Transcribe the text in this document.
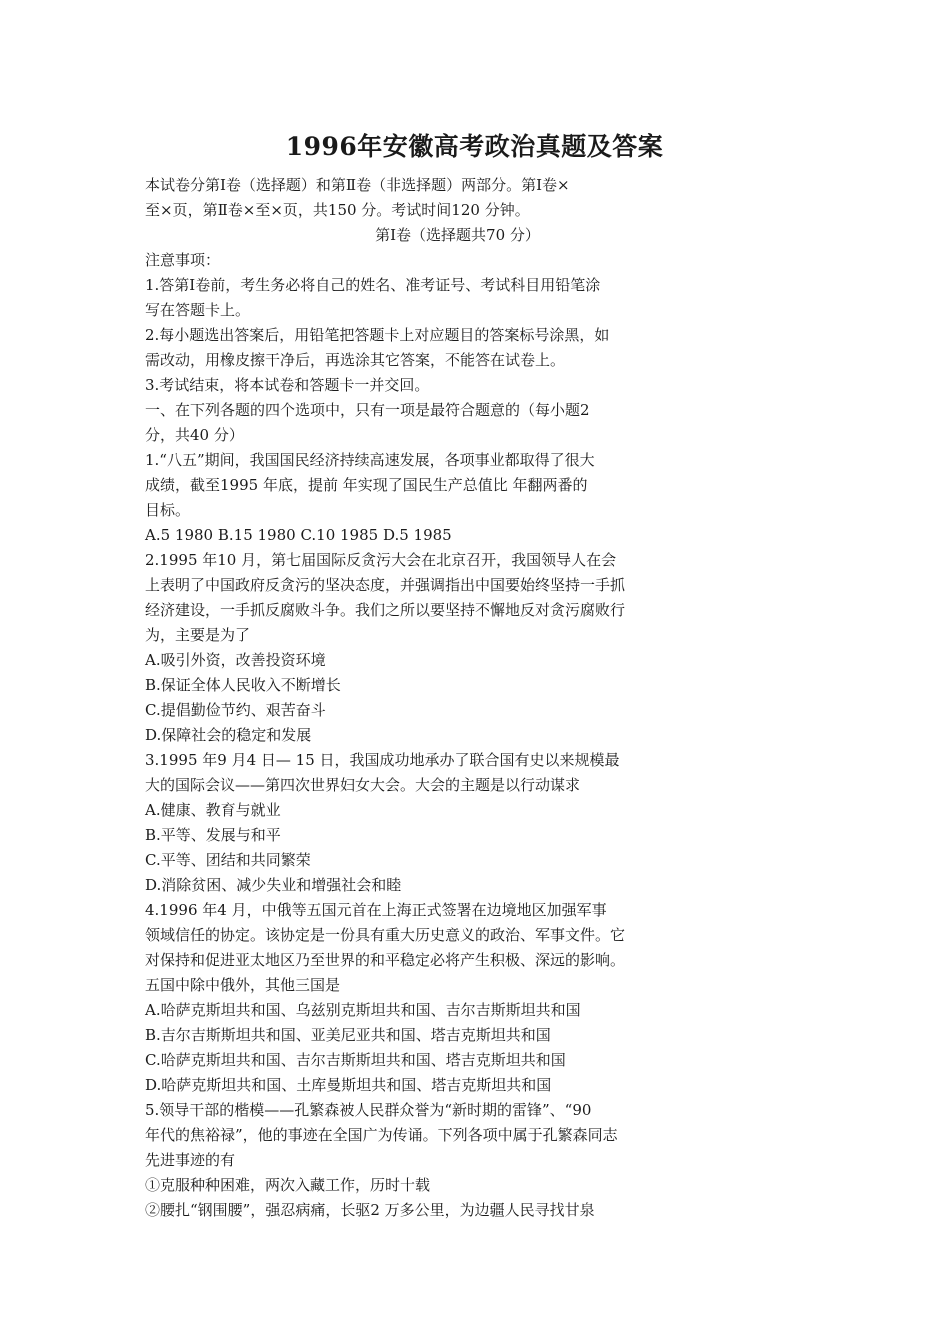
1996年安徽高考政治真题及答案
本试卷分第Ⅰ卷（选择题）和第Ⅱ卷（非选择题）两部分。第Ⅰ卷×
至×页，第Ⅱ卷×至×页，共150 分。考试时间120 分钟。
第Ⅰ卷（选择题共70 分）
注意事项：
1.答第Ⅰ卷前，考生务必将自己的姓名、准考证号、考试科目用铅笔涂
写在答题卡上。
2.每小题选出答案后，用铅笔把答题卡上对应题目的答案标号涂黑，如
需改动，用橡皮擦干净后，再选涂其它答案，不能答在试卷上。
3.考试结束，将本试卷和答题卡一并交回。
一、在下列各题的四个选项中，只有一项是最符合题意的（每小题2
分，共40 分）
1.“八五”期间，我国国民经济持续高速发展，各项事业都取得了很大
成绩，截至1995 年底，提前 年实现了国民生产总值比 年翻两番的
目标。
A.5 1980 B.15 1980 C.10 1985 D.5 1985
2.1995 年10 月，第七届国际反贪污大会在北京召开，我国领导人在会
上表明了中国政府反贪污的坚决态度，并强调指出中国要始终坚持一手抓
经济建设，一手抓反腐败斗争。我们之所以要坚持不懈地反对贪污腐败行
为，主要是为了
A.吸引外资，改善投资环境
B.保证全体人民收入不断增长
C.提倡勤俭节约、艰苦奋斗
D.保障社会的稳定和发展
3.1995 年9 月4 日— 15 日，我国成功地承办了联合国有史以来规模最
大的国际会议——第四次世界妇女大会。大会的主题是以行动谋求
A.健康、教育与就业
B.平等、发展与和平
C.平等、团结和共同繁荣
D.消除贫困、减少失业和增强社会和睦
4.1996 年4 月，中俄等五国元首在上海正式签署在边境地区加强军事
领域信任的协定。该协定是一份具有重大历史意义的政治、军事文件。它
对保持和促进亚太地区乃至世界的和平稳定必将产生积极、深远的影响。
五国中除中俄外，其他三国是
A.哈萨克斯坦共和国、乌兹别克斯坦共和国、吉尔吉斯斯坦共和国
B.吉尔吉斯斯坦共和国、亚美尼亚共和国、塔吉克斯坦共和国
C.哈萨克斯坦共和国、吉尔吉斯斯坦共和国、塔吉克斯坦共和国
D.哈萨克斯坦共和国、土库曼斯坦共和国、塔吉克斯坦共和国
5.领导干部的楷模——孔繁森被人民群众誉为“新时期的雷锋”、“90
年代的焦裕禄”，他的事迹在全国广为传诵。下列各项中属于孔繁森同志
先进事迹的有
①克服种种困难，两次入藏工作，历时十载
②腰扎“钢围腰”，强忍病痛，长驱2 万多公里，为边疆人民寻找甘泉
